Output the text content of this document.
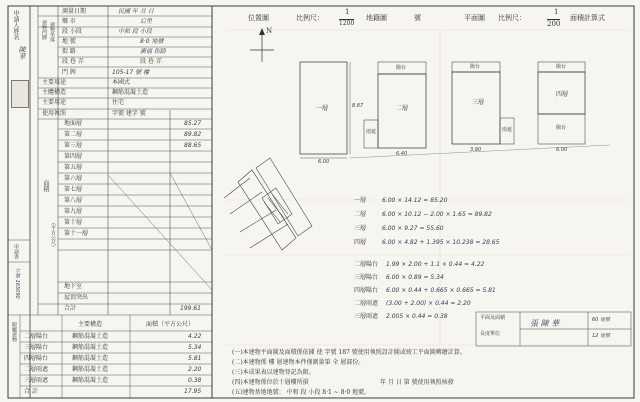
申請人姓名
陳華
申請書
字號 165090
建物門牌 建物坐落
測量日期	民國 年 月 日
鄉 市	后里
段 小段	中和 段 小段
地 號	8·0 地號
街 路	廣福 街路
段 巷 弄	段 巷 弄
門 牌	105-17 號 樓
主要用途	本國式
主體構造	鋼筋混凝土造
主要用途	住宅
使用執照	字號 建字 號
面積
（平方公尺）
地面層	85.27
第二層	89.82
第三層	88.65
第四層
第五層
第六層
第七層
第八層
第九層
第十層
第十一層
地下室
屋頂突出
合計	199.61
附屬建物	主要構造	面積（平方公尺）
二層陽台	鋼筋混凝土造	4.22
三層陽台	鋼筋混凝土造	5.34
四層陽台	鋼筋混凝土造	5.81
二層雨遮	鋼筋混凝土造	2.20
三層雨遮	鋼筋混凝土造	0.38
合 計	17.95
位置圖	比例尺：
1
1200
地籍圖	號	平面圖 比例尺：
1
200
面積計算式
N
一層	二層
三層
四層
陽台	陽台	陽台
雨遮	雨遮	陽台
6.00
8.87
6.40
3.90	6.00
一層	6.00 × 14.12 = 85.20
二層	6.00 × 10.12 − 2.00 × 1.65 = 89.82
三層	6.00 × 9.27 = 55.60
四層	6.00 × 4.82 + 1.395 × 10.238 = 28.65
二層陽台 1.99 × 2.00 + 1.1 × 0.44 = 4.22
三層陽台 6.00 × 0.89 = 5.34
四層陽台 6.00 × 0.44 + 0.665 × 0.665 = 5.81
二層雨遮 (3.00 + 2.00) × 0.44 = 2.20
三層雨遮 2.005 × 0.44 = 0.38	平面及面積
長度單位
張 陳 華	60 地號
12 地號
(一)本建物平面圖及面積係依據 使 字號 187 號使用執照設計圖或竣工平面圖轉繪計算。
(二)本建物係 樓 層建物本件僅測量第 全 層部份。
(三)本成果表以建物登記為限。
(四)本建物係位於十層樓所損	年 月 日 第 號使用執照核發
(五)建物基地地號： 中和 段 小段 8·1 ~ 8·0 地號。
